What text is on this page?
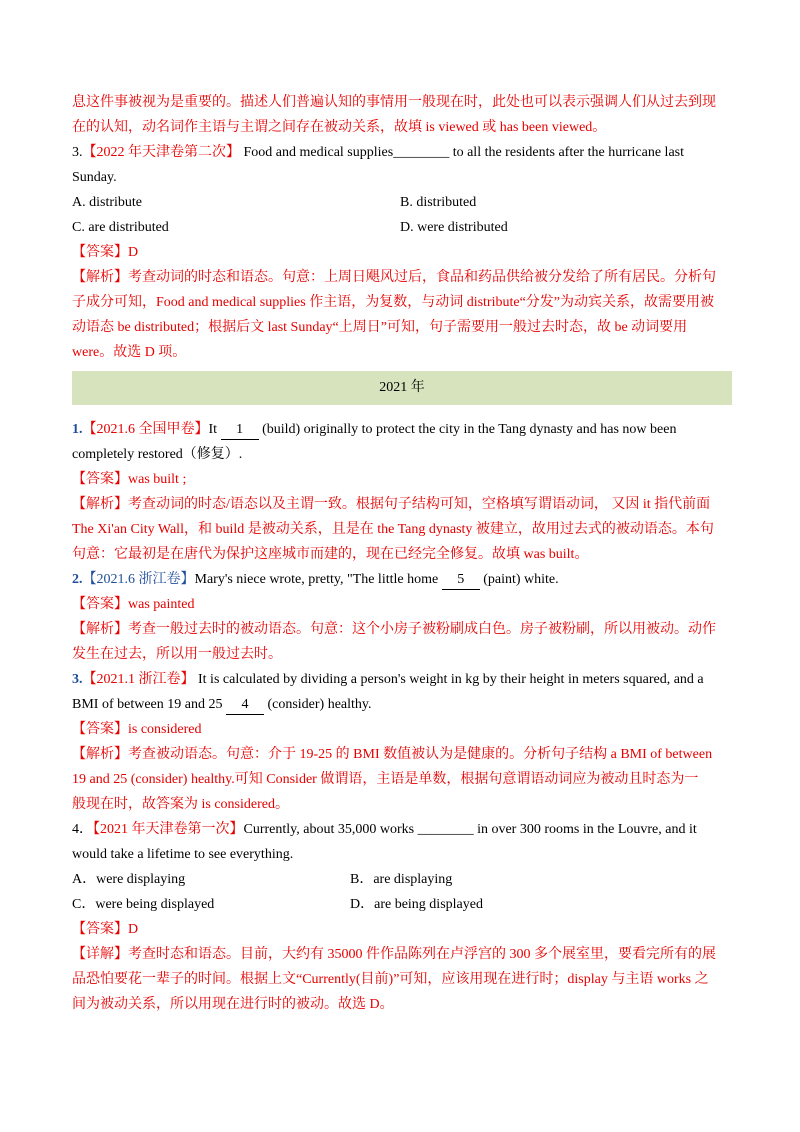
息这件事被视为是重要的。描述人们普遍认知的事情用一般现在时，此处也可以表示强调人们从过去到现
在的认知，动名词作主语与主谓之间存在被动关系，故填 is viewed 或 has been viewed。
3.【2022 年天津卷第二次】 Food and medical supplies________ to all the residents after the hurricane last
Sunday.
A. distribute	B. distributed
C. are distributed	D. were distributed
【答案】D
【解析】考查动词的时态和语态。句意：上周日飓风过后，食品和药品供给被分发给了所有居民。分析句
子成分可知，Food and medical supplies 作主语，为复数，与动词 distribute“分发”为动宾关系，故需要用被
动语态 be distributed；根据后文 last Sunday“上周日”可知，句子需要用一般过去时态，故 be 动词要用
were。故选 D 项。
2021 年
1.【2021.6 全国甲卷】It 1 (build) originally to protect the city in the Tang dynasty and has now been
completely restored（修复）.
【答案】was built ;
【解析】考查动词的时态/语态以及主谓一致。根据句子结构可知，空格填写谓语动词， 又因 it 指代前面
The Xi'an City Wall，和 build 是被动关系，且是在 the Tang dynasty 被建立，故用过去式的被动语态。本句
句意：它最初是在唐代为保护这座城市而建的，现在已经完全修复。故填 was built。
2.【2021.6 浙江卷】Mary's niece wrote, pretty, "The little home 5 (paint) white.
【答案】was painted
【解析】考查一般过去时的被动语态。句意：这个小房子被粉刷成白色。房子被粉刷，所以用被动。动作
发生在过去，所以用一般过去时。
3.【2021.1 浙江卷】 It is calculated by dividing a person's weight in kg by their height in meters squared, and a
BMI of between 19 and 25 4 (consider) healthy.
【答案】is considered
【解析】考查被动语态。句意：介于 19-25 的 BMI 数值被认为是健康的。分析句子结构 a BMI of between
19 and 25 (consider) healthy.可知 Consider 做谓语，主语是单数，根据句意谓语动词应为被动且时态为一
般现在时，故答案为 is considered。
4．【2021 年天津卷第一次】Currently, about 35,000 works ________ in over 300 rooms in the Louvre, and it
would take a lifetime to see everything.
A．were displaying	B．are displaying
C．were being displayed	D．are being displayed
【答案】D
【详解】考查时态和语态。目前，大约有 35000 件作品陈列在卢浮宫的 300 多个展室里，要看完所有的展
品恐怕要花一辈子的时间。根据上文“Currently(目前)”可知，应该用现在进行时；display 与主语 works 之
间为被动关系，所以用现在进行时的被动。故选 D。
